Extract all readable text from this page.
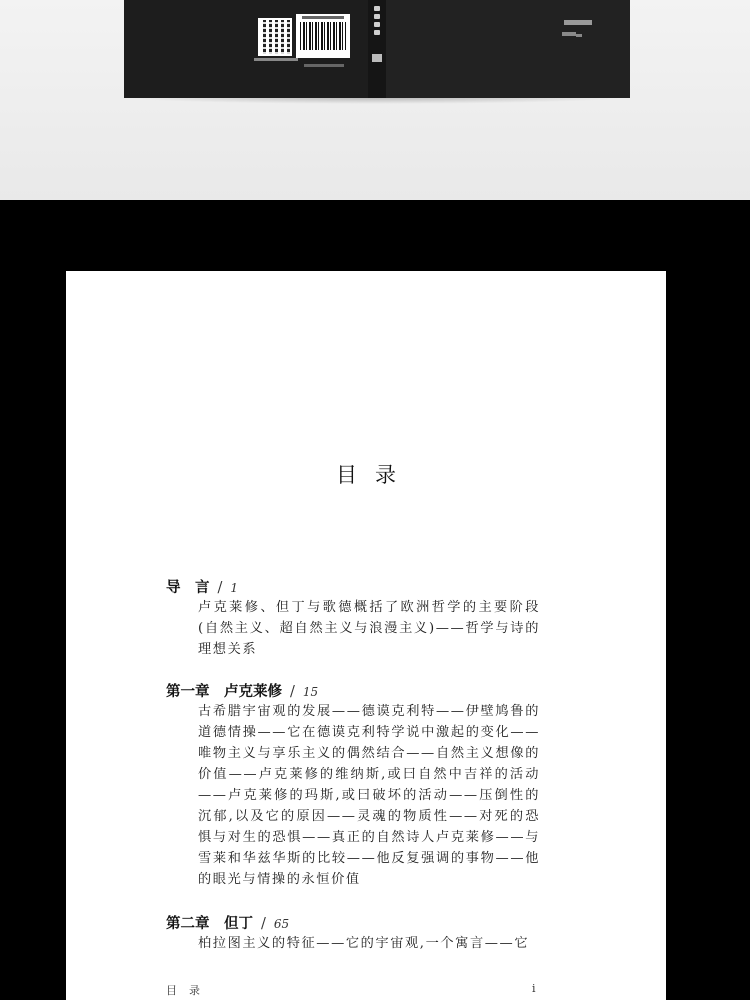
目录
导　言 / 1
卢克莱修、但丁与歌德概括了欧洲哲学的主要阶段(自然主义、超自然主义与浪漫主义)——哲学与诗的理想关系
第一章　卢克莱修 / 15
古希腊宇宙观的发展——德谟克利特——伊壁鸠鲁的道德情操——它在德谟克利特学说中激起的变化——唯物主义与享乐主义的偶然结合——自然主义想像的价值——卢克莱修的维纳斯,或曰自然中吉祥的活动——卢克莱修的玛斯,或曰破坏的活动——压倒性的沉郁,以及它的原因——灵魂的物质性——对死的恐惧与对生的恐惧——真正的自然诗人卢克莱修——与雪莱和华兹华斯的比较——他反复强调的事物——他的眼光与情操的永恒价值
第二章　但丁 / 65
柏拉图主义的特征——它的宇宙观,一个寓言——它
目录	i
